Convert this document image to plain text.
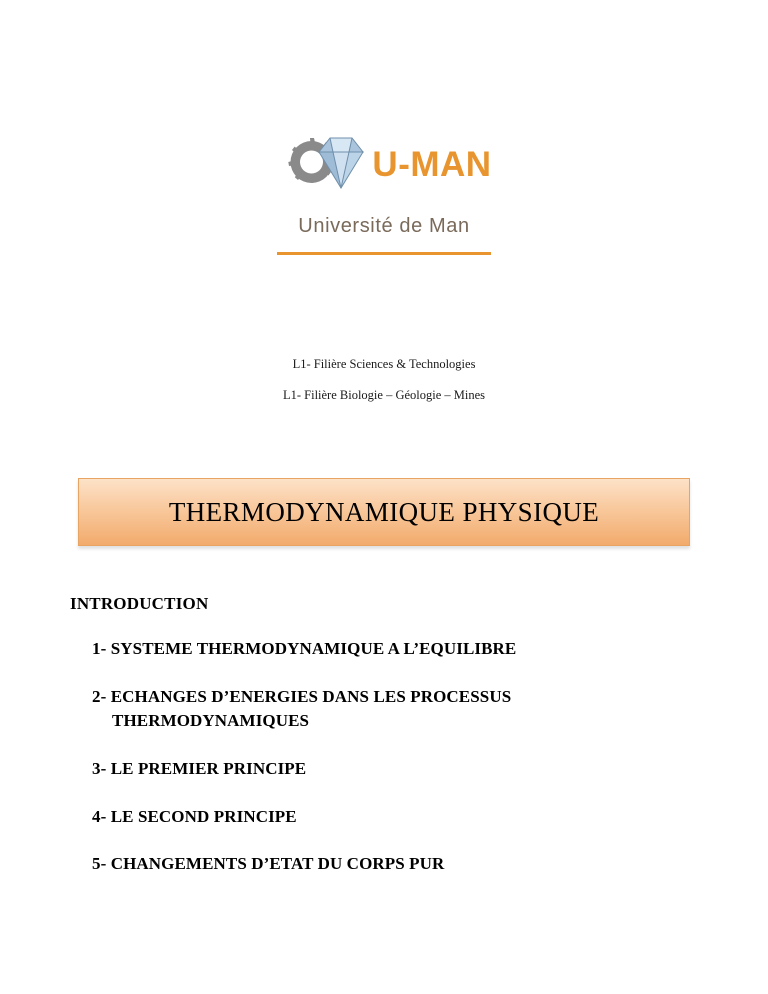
U-MAN
Université de Man
L1- Filière Sciences & Technologies
L1- Filière Biologie – Géologie – Mines
THERMODYNAMIQUE PHYSIQUE
INTRODUCTION
1- SYSTEME THERMODYNAMIQUE A L’EQUILIBRE
2- ECHANGES D’ENERGIES DANS LES PROCESSUS
THERMODYNAMIQUES
3- LE PREMIER PRINCIPE
4- LE SECOND PRINCIPE
5- CHANGEMENTS D’ETAT DU CORPS PUR
